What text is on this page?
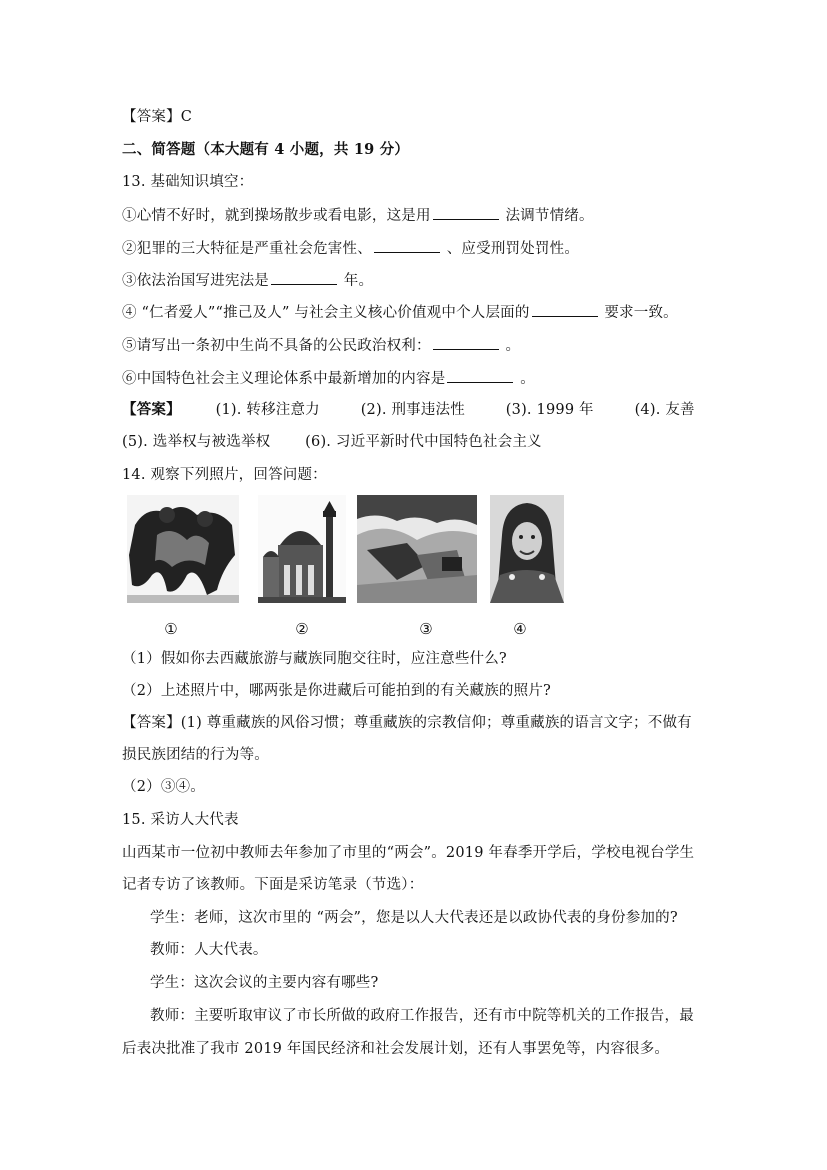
【答案】C
二、简答题（本大题有 4 小题，共 19 分）
13. 基础知识填空：
①心情不好时，就到操场散步或看电影，这是用	法调节情绪。
②犯罪的三大特征是严重社会危害性、	、应受刑罚处罚性。
③依法治国写进宪法是	年。
④ “仁者爱人”“推己及人” 与社会主义核心价值观中个人层面的	要求一致。
⑤请写出一条初中生尚不具备的公民政治权利：	。
⑥中国特色社会主义理论体系中最新增加的内容是	。
【答案】 (1). 转移注意力	(2). 刑事违法性	(3). 1999 年	(4). 友善
(5). 选举权与被选举权 (6). 习近平新时代中国特色社会主义
14. 观察下列照片，回答问题：
①	②	③	④
（1）假如你去西藏旅游与藏族同胞交往时，应注意些什么?
（2）上述照片中，哪两张是你进藏后可能拍到的有关藏族的照片?
【答案】(1) 尊重藏族的风俗习惯；尊重藏族的宗教信仰；尊重藏族的语言文字；不做有
损民族团结的行为等。
（2）③④。
15. 采访人大代表
山西某市一位初中教师去年参加了市里的“两会”。2019 年春季开学后，学校电视台学生
记者专访了该教师。下面是采访笔录（节选）：
学生：老师，这次市里的 “两会”，您是以人大代表还是以政协代表的身份参加的?
教师：人大代表。
学生：这次会议的主要内容有哪些?
教师：主要听取审议了市长所做的政府工作报告，还有市中院等机关的工作报告，最
后表决批准了我市 2019 年国民经济和社会发展计划，还有人事罢免等，内容很多。
